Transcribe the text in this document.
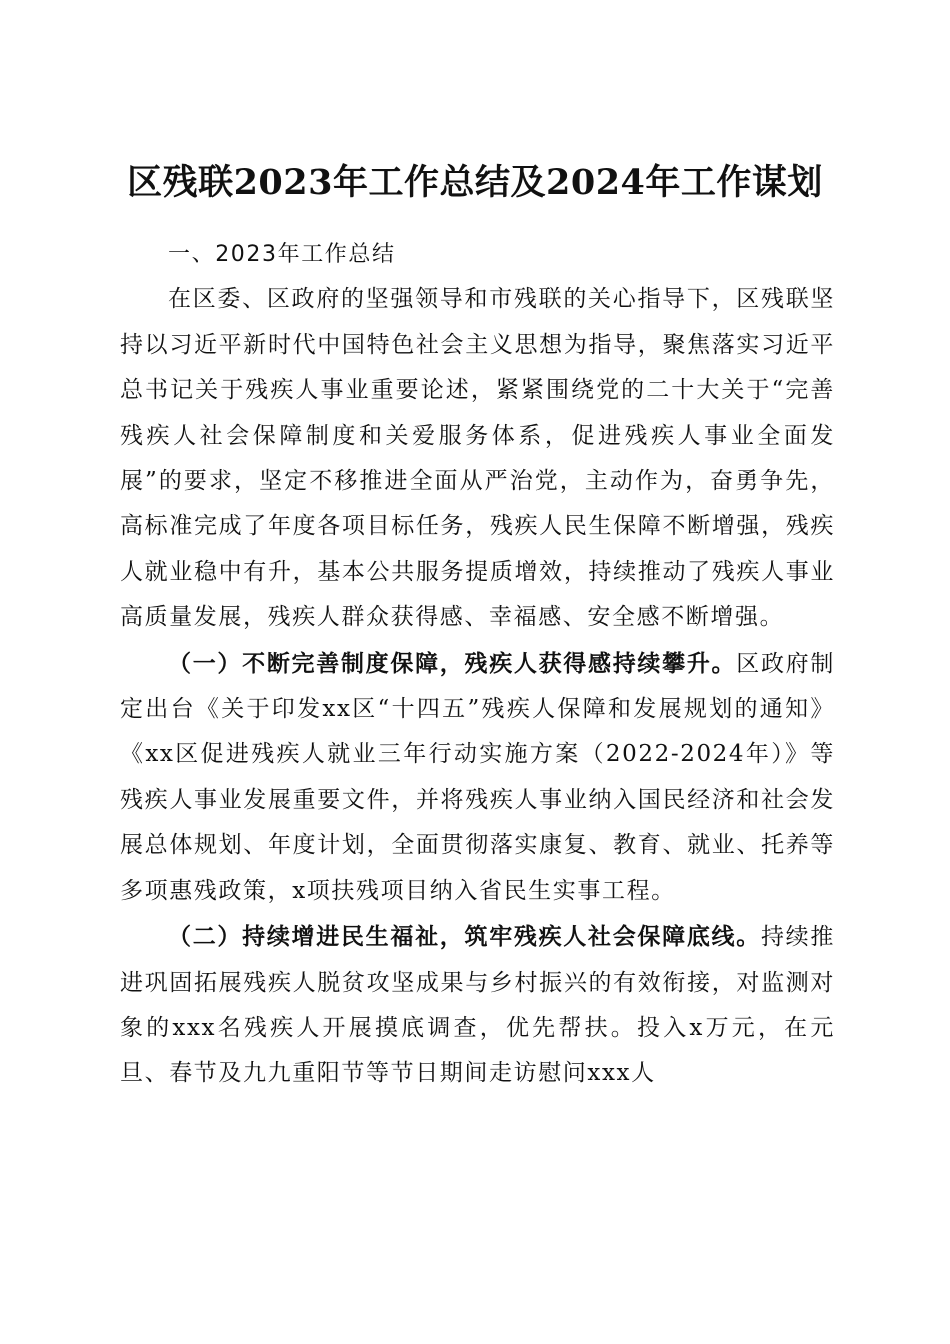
区残联2023年工作总结及2024年工作谋划

一、2023年工作总结

在区委、区政府的坚强领导和市残联的关心指导下，区残联坚持以习近平新时代中国特色社会主义思想为指导，聚焦落实习近平总书记关于残疾人事业重要论述，紧紧围绕党的二十大关于“完善残疾人社会保障制度和关爱服务体系，促进残疾人事业全面发展”的要求，坚定不移推进全面从严治党，主动作为，奋勇争先，高标准完成了年度各项目标任务，残疾人民生保障不断增强，残疾人就业稳中有升，基本公共服务提质增效，持续推动了残疾人事业高质量发展，残疾人群众获得感、幸福感、安全感不断增强。

（一）不断完善制度保障，残疾人获得感持续攀升。区政府制定出台《关于印发xx区“十四五”残疾人保障和发展规划的通知》《xx区促进残疾人就业三年行动实施方案（2022-2024年）》等残疾人事业发展重要文件，并将残疾人事业纳入国民经济和社会发展总体规划、年度计划，全面贯彻落实康复、教育、就业、托养等多项惠残政策，x项扶残项目纳入省民生实事工程。

（二）持续增进民生福祉，筑牢残疾人社会保障底线。持续推进巩固拓展残疾人脱贫攻坚成果与乡村振兴的有效衔接，对监测对象的xxx名残疾人开展摸底调查，优先帮扶。投入x万元，在元旦、春节及九九重阳节等节日期间走访慰问xxx人
